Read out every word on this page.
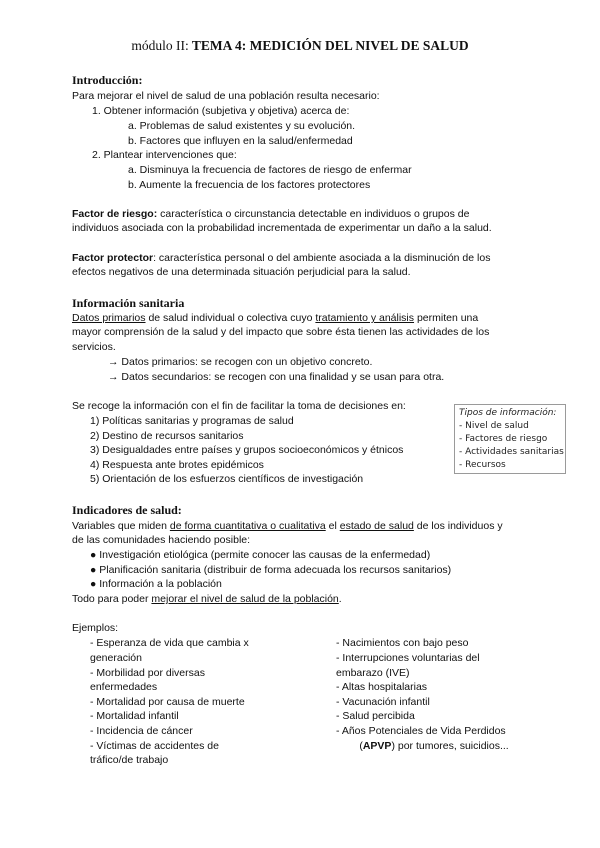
módulo II: TEMA 4: MEDICIÓN DEL NIVEL DE SALUD
Introducción:
Para mejorar el nivel de salud de una población resulta necesario:
1. Obtener información (subjetiva y objetiva) acerca de:
a. Problemas de salud existentes y su evolución.
b. Factores que influyen en la salud/enfermedad
2. Plantear intervenciones que:
a. Disminuya la frecuencia de factores de riesgo de enfermar
b. Aumente la frecuencia de los factores protectores
Factor de riesgo: característica o circunstancia detectable en individuos o grupos de
individuos asociada con la probabilidad incrementada de experimentar un daño a la salud.
Factor protector: característica personal o del ambiente asociada a la disminución de los
efectos negativos de una determinada situación perjudicial para la salud.
Información sanitaria
Datos primarios de salud individual o colectiva cuyo tratamiento y análisis permiten una
mayor comprensión de la salud y del impacto que sobre ésta tienen las actividades de los
servicios.
→ Datos primarios: se recogen con un objetivo concreto.
→ Datos secundarios: se recogen con una finalidad y se usan para otra.
Se recoge la información con el fin de facilitar la toma de decisiones en:
1) Políticas sanitarias y programas de salud
2) Destino de recursos sanitarios
3) Desigualdades entre países y grupos socioeconómicos y étnicos
4) Respuesta ante brotes epidémicos
5) Orientación de los esfuerzos científicos de investigación
Tipos de información:
- Nivel de salud
- Factores de riesgo
- Actividades sanitarias
- Recursos
Indicadores de salud:
Variables que miden de forma cuantitativa o cualitativa el estado de salud de los individuos y
de las comunidades haciendo posible:
● Investigación etiológica (permite conocer las causas de la enfermedad)
● Planificación sanitaria (distribuir de forma adecuada los recursos sanitarios)
● Información a la población
Todo para poder mejorar el nivel de salud de la población.
Ejemplos:
- Esperanza de vida que cambia x
generación
- Morbilidad por diversas
enfermedades
- Mortalidad por causa de muerte
- Mortalidad infantil
- Incidencia de cáncer
- Víctimas de accidentes de
tráfico/de trabajo
- Nacimientos con bajo peso
- Interrupciones voluntarias del
embarazo (IVE)
- Altas hospitalarias
- Vacunación infantil
- Salud percibida
- Años Potenciales de Vida Perdidos
(APVP) por tumores, suicidios...
